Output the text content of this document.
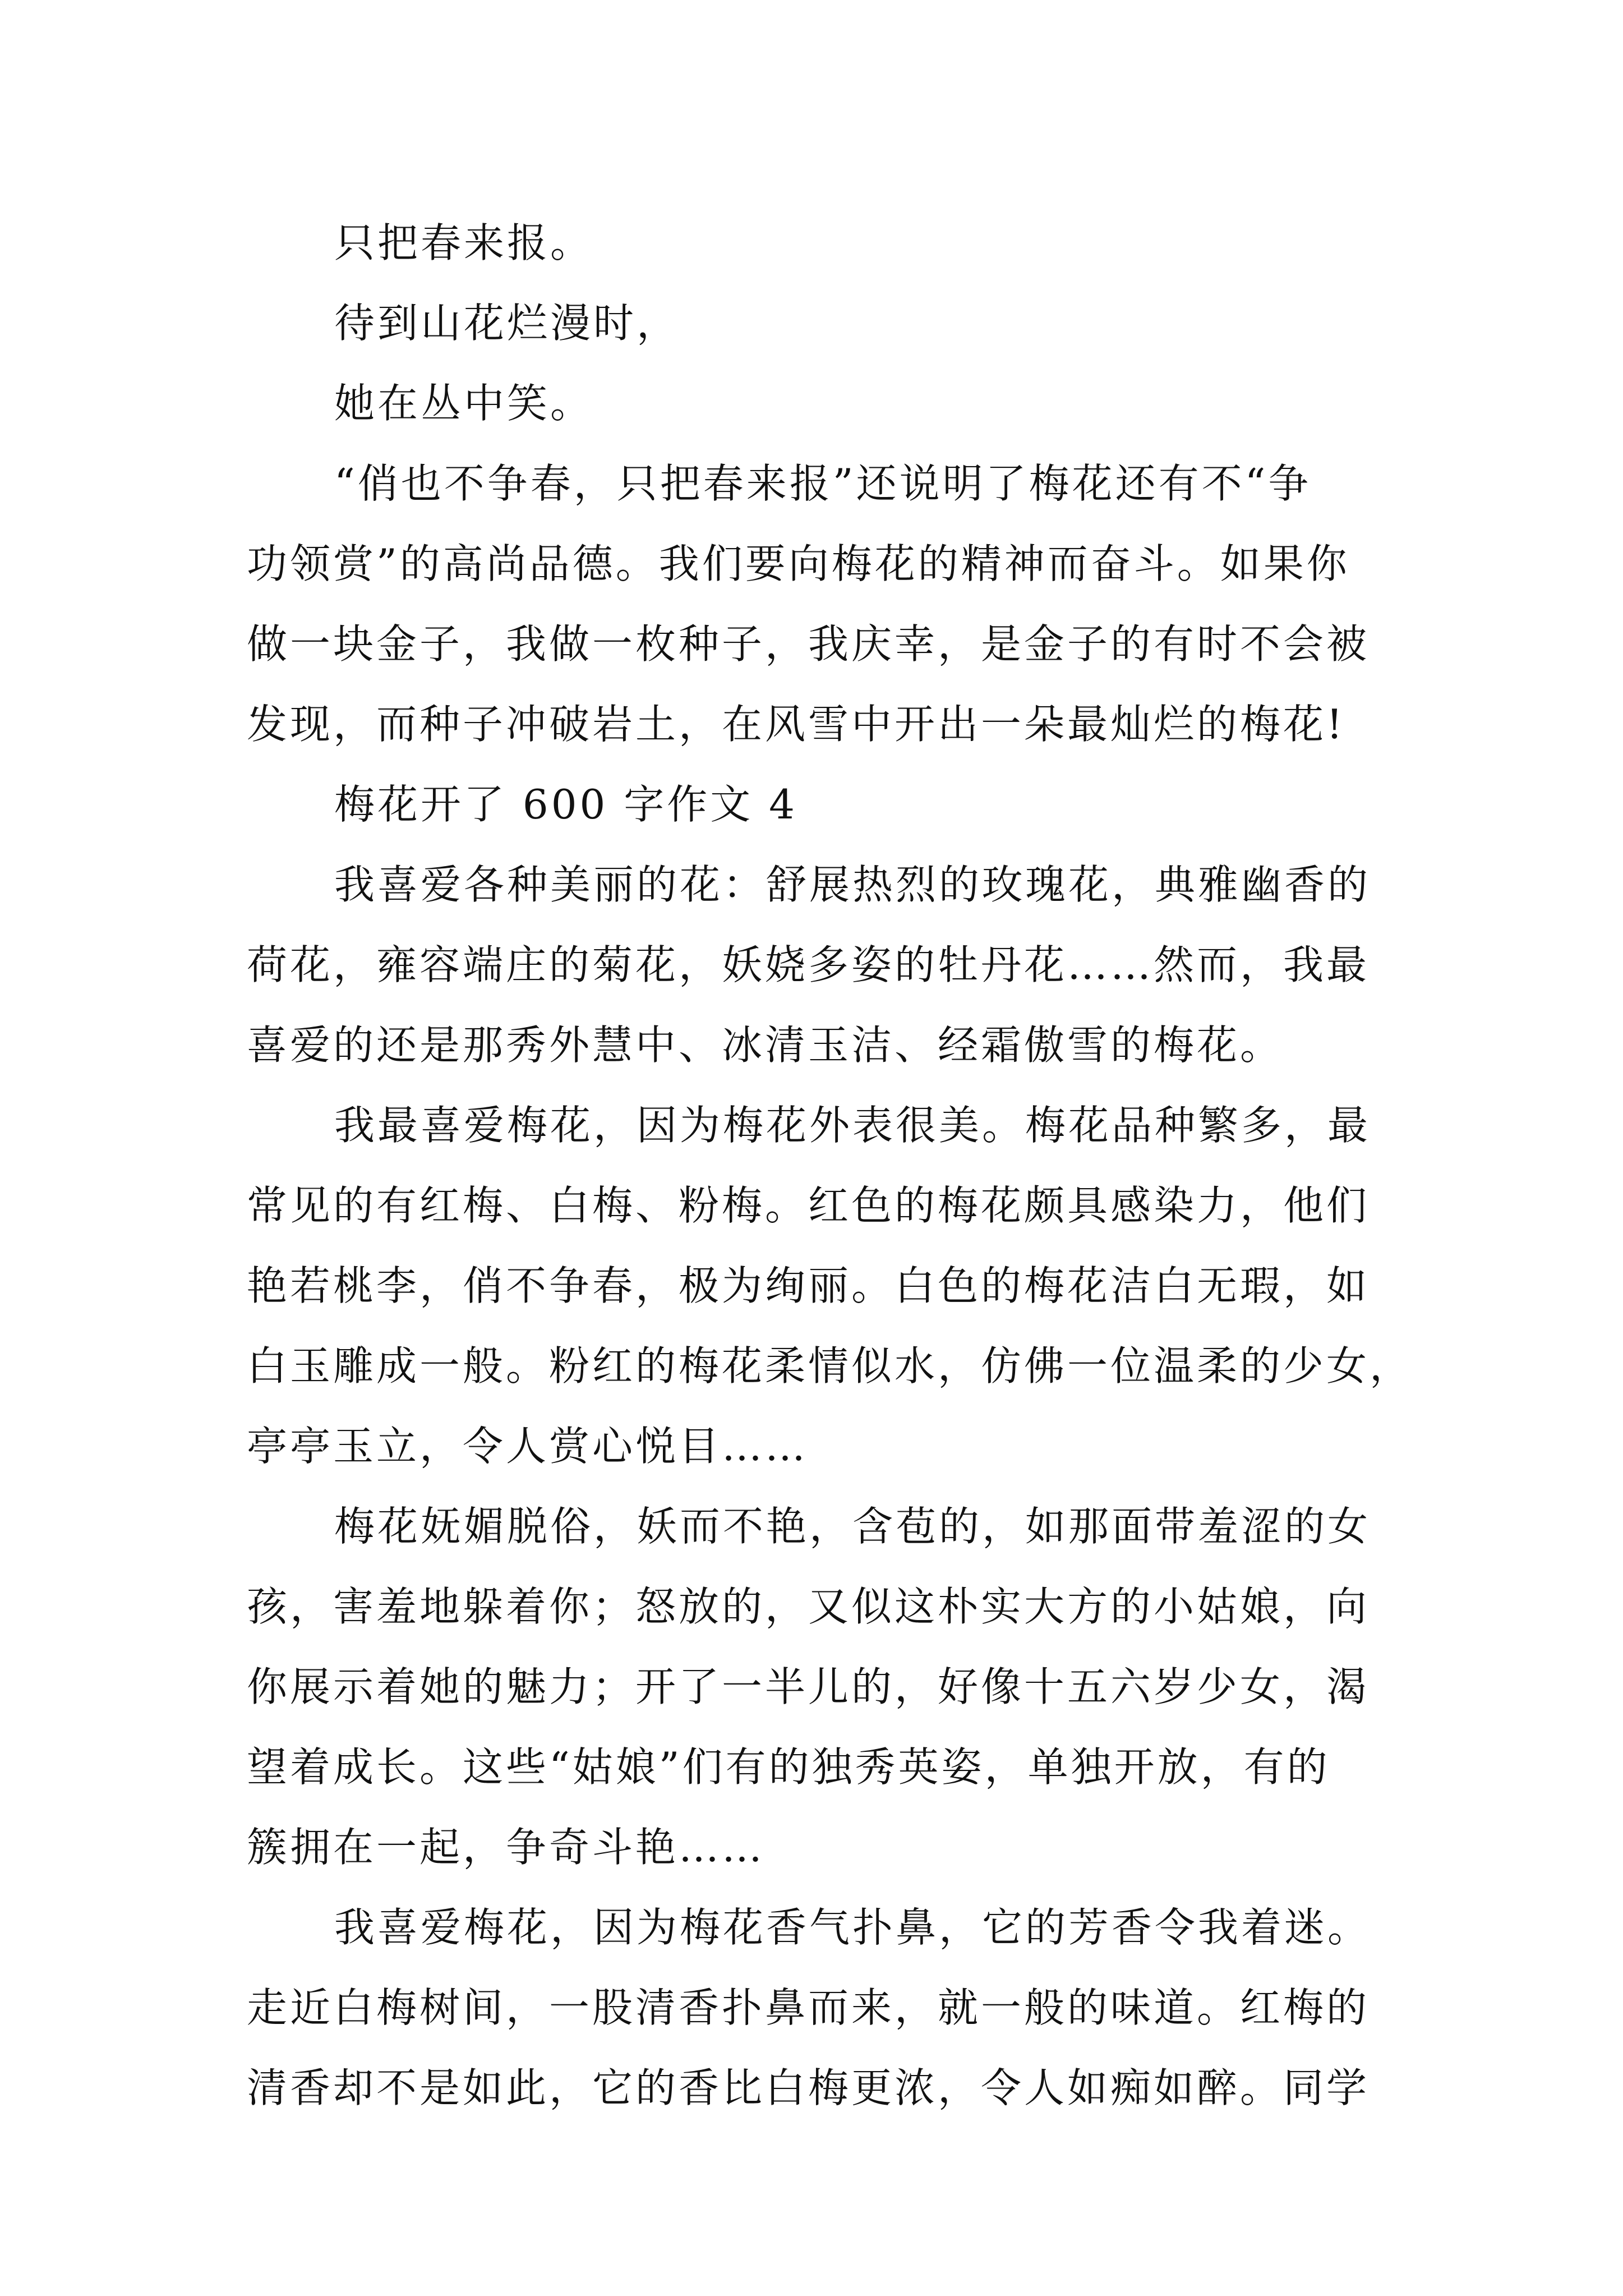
只把春来报。
待到山花烂漫时，
她在丛中笑。
“俏也不争春，只把春来报”还说明了梅花还有不“争
功领赏”的高尚品德。我们要向梅花的精神而奋斗。如果你
做一块金子，我做一枚种子，我庆幸，是金子的有时不会被
发现，而种子冲破岩土，在风雪中开出一朵最灿烂的梅花!
梅花开了 600 字作文 4
我喜爱各种美丽的花：舒展热烈的玫瑰花，典雅幽香的
荷花，雍容端庄的菊花，妖娆多姿的牡丹花……然而，我最
喜爱的还是那秀外慧中、冰清玉洁、经霜傲雪的梅花。
我最喜爱梅花，因为梅花外表很美。梅花品种繁多，最
常见的有红梅、白梅、粉梅。红色的梅花颇具感染力，他们
艳若桃李，俏不争春，极为绚丽。白色的梅花洁白无瑕，如
白玉雕成一般。粉红的梅花柔情似水，仿佛一位温柔的少女，
亭亭玉立，令人赏心悦目……
梅花妩媚脱俗，妖而不艳，含苞的，如那面带羞涩的女
孩，害羞地躲着你；怒放的，又似这朴实大方的小姑娘，向
你展示着她的魅力；开了一半儿的，好像十五六岁少女，渴
望着成长。这些“姑娘”们有的独秀英姿，单独开放，有的
簇拥在一起，争奇斗艳……
我喜爱梅花，因为梅花香气扑鼻，它的芳香令我着迷。
走近白梅树间，一股清香扑鼻而来，就一般的味道。红梅的
清香却不是如此，它的香比白梅更浓，令人如痴如醉。同学
